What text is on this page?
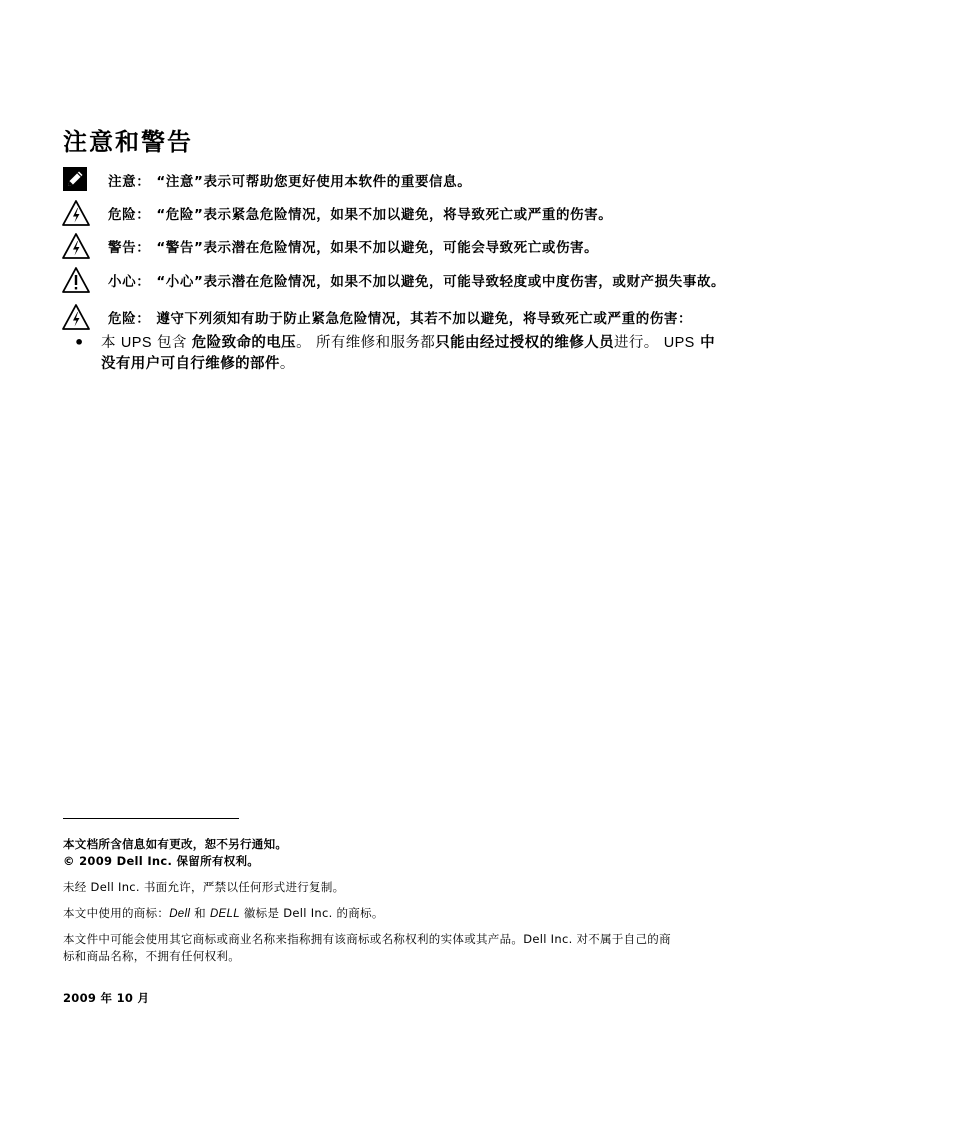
注意和警告
注意： “注意”表示可帮助您更好使用本软件的重要信息。
危险： “危险”表示紧急危险情况，如果不加以避免，将导致死亡或严重的伤害。
警告： “警告”表示潜在危险情况，如果不加以避免，可能会导致死亡或伤害。
小心： “小心”表示潜在危险情况，如果不加以避免，可能导致轻度或中度伤害，或财产损失事故。
危险： 遵守下列须知有助于防止紧急危险情况，其若不加以避免，将导致死亡或严重的伤害：
• 本 UPS 包含 危险致命的电压。 所有维修和服务都只能由经过授权的维修人员进行。 UPS 中
没有用户可自行维修的部件。
本文档所含信息如有更改，恕不另行通知。
© 2009 Dell Inc. 保留所有权利。
未经 Dell Inc. 书面允许，严禁以任何形式进行复制。
本文中使用的商标：Dell 和 DELL 徽标是 Dell Inc. 的商标。
本文件中可能会使用其它商标或商业名称来指称拥有该商标或名称权利的实体或其产品。Dell Inc. 对不属于自己的商
标和商品名称，不拥有任何权利。
2009 年 10 月
